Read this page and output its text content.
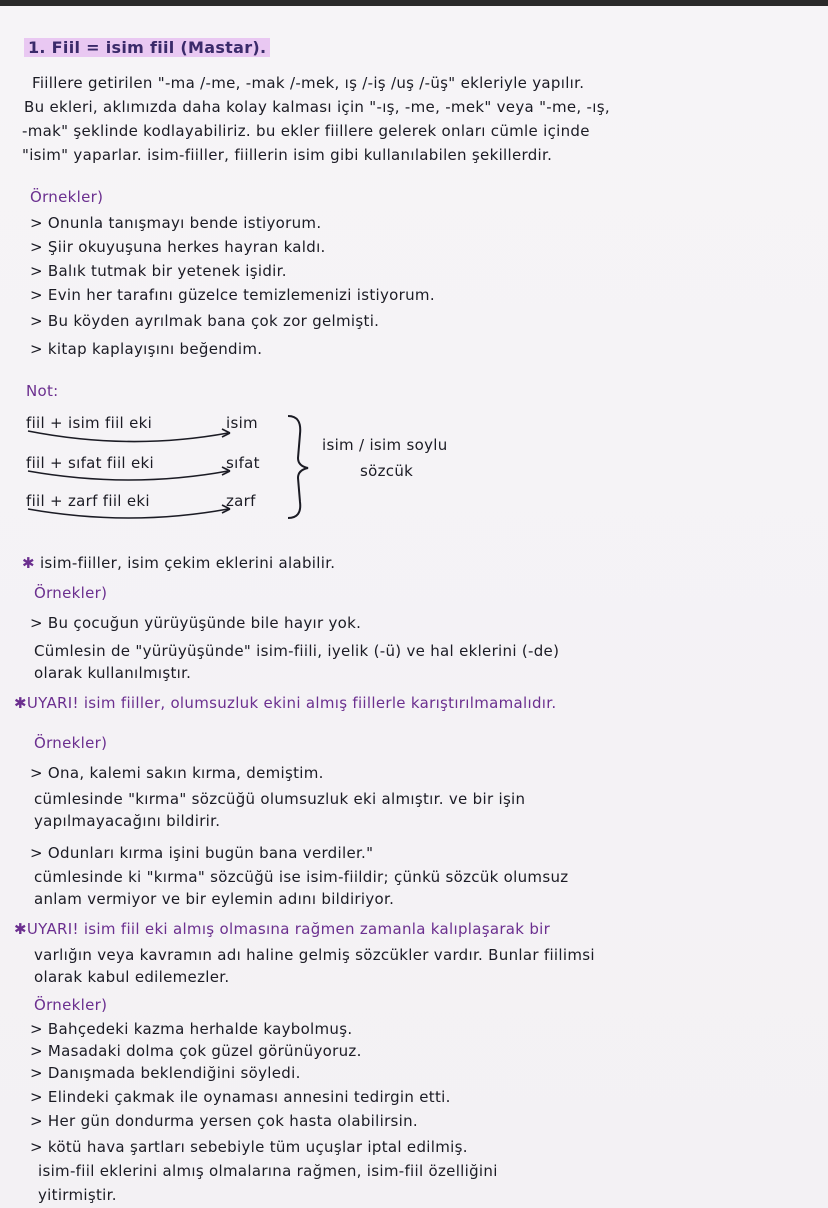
1. Fiil = isim fiil (Mastar).
Fiillere getirilen "-ma /-me, -mak /-mek, ış /-iş /uş /-üş" ekleriyle yapılır.
Bu ekleri, aklımızda daha kolay kalması için "-ış, -me, -mek" veya "-me, -ış,
-mak" şeklinde kodlayabiliriz. bu ekler fiillere gelerek onları cümle içinde
"isim" yaparlar. isim-fiiller, fiillerin isim gibi kullanılabilen şekillerdir.
Örnekler)
> Onunla tanışmayı bende istiyorum.
> Şiir okuyuşuna herkes hayran kaldı.
> Balık tutmak bir yetenek işidir.
> Evin her tarafını güzelce temizlemenizi istiyorum.
> Bu köyden ayrılmak bana çok zor gelmişti.
> kitap kaplayışını beğendim.
Not:
fiil + isim fiil eki	isim
fiil + sıfat fiil eki	sıfat
fiil + zarf fiil eki	zarf
isim / isim soylu
sözcük
✱ isim-fiiller, isim çekim eklerini alabilir.
Örnekler)
> Bu çocuğun yürüyüşünde bile hayır yok.
Cümlesin de "yürüyüşünde" isim-fiili, iyelik (-ü) ve hal eklerini (-de)
olarak kullanılmıştır.
✱UYARI! isim fiiller, olumsuzluk ekini almış fiillerle karıştırılmamalıdır.
Örnekler)
> Ona, kalemi sakın kırma, demiştim.
cümlesinde "kırma" sözcüğü olumsuzluk eki almıştır. ve bir işin
yapılmayacağını bildirir.
> Odunları kırma işini bugün bana verdiler."
cümlesinde ki "kırma" sözcüğü ise isim-fiildir; çünkü sözcük olumsuz
anlam vermiyor ve bir eylemin adını bildiriyor.
✱UYARI! isim fiil eki almış olmasına rağmen zamanla kalıplaşarak bir
varlığın veya kavramın adı haline gelmiş sözcükler vardır. Bunlar fiilimsi
olarak kabul edilemezler.
Örnekler)
> Bahçedeki kazma herhalde kaybolmuş.
> Masadaki dolma çok güzel görünüyoruz.
> Danışmada beklendiğini söyledi.
> Elindeki çakmak ile oynaması annesini tedirgin etti.
> Her gün dondurma yersen çok hasta olabilirsin.
> kötü hava şartları sebebiyle tüm uçuşlar iptal edilmiş.
isim-fiil eklerini almış olmalarına rağmen, isim-fiil özelliğini
yitirmiştir.
